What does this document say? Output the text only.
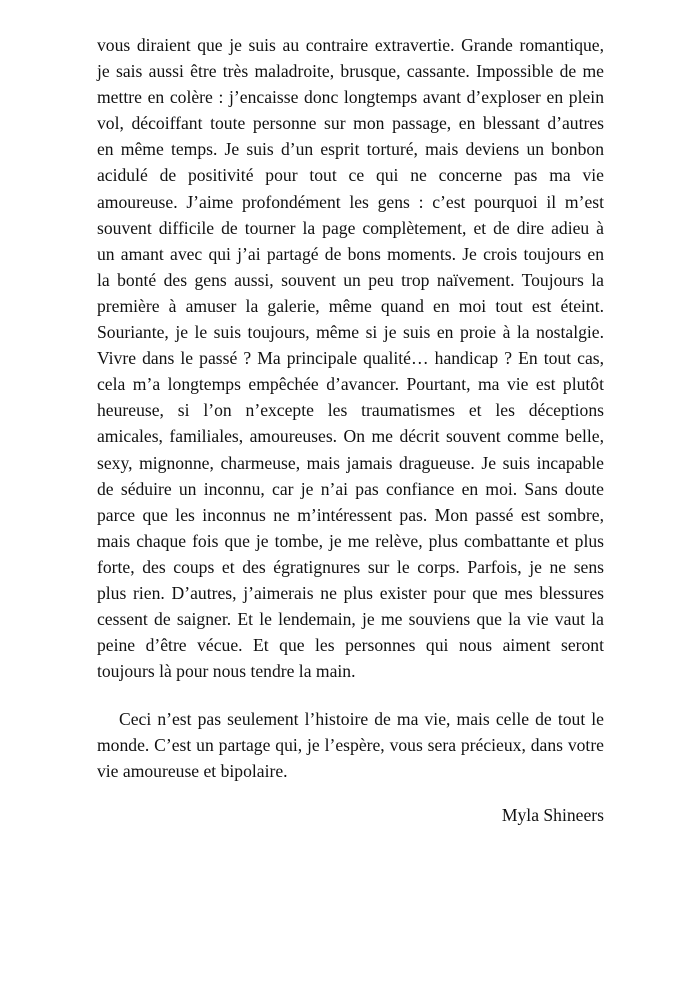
vous diraient que je suis au contraire extravertie. Grande romantique,
je sais aussi être très maladroite, brusque, cassante. Impossible de me
mettre en colère : j’encaisse donc longtemps avant d’exploser en plein
vol, décoiffant toute personne sur mon passage, en blessant d’autres
en même temps. Je suis d’un esprit torturé, mais deviens un bonbon
acidulé de positivité pour tout ce qui ne concerne pas ma vie
amoureuse. J’aime profondément les gens : c’est pourquoi il m’est
souvent difficile de tourner la page complètement, et de dire adieu à
un amant avec qui j’ai partagé de bons moments. Je crois toujours en
la bonté des gens aussi, souvent un peu trop naïvement. Toujours la
première à amuser la galerie, même quand en moi tout est éteint.
Souriante, je le suis toujours, même si je suis en proie à la nostalgie.
Vivre dans le passé ? Ma principale qualité… handicap ? En tout cas,
cela m’a longtemps empêchée d’avancer. Pourtant, ma vie est plutôt
heureuse, si l’on n’excepte les traumatismes et les déceptions
amicales, familiales, amoureuses. On me décrit souvent comme belle,
sexy, mignonne, charmeuse, mais jamais dragueuse. Je suis incapable
de séduire un inconnu, car je n’ai pas confiance en moi. Sans doute
parce que les inconnus ne m’intéressent pas. Mon passé est sombre,
mais chaque fois que je tombe, je me relève, plus combattante et plus
forte, des coups et des égratignures sur le corps. Parfois, je ne sens
plus rien. D’autres, j’aimerais ne plus exister pour que mes blessures
cessent de saigner. Et le lendemain, je me souviens que la vie vaut la
peine d’être vécue. Et que les personnes qui nous aiment seront
toujours là pour nous tendre la main.
Ceci n’est pas seulement l’histoire de ma vie, mais celle de tout le
monde. C’est un partage qui, je l’espère, vous sera précieux, dans votre
vie amoureuse et bipolaire.
Myla Shineers
